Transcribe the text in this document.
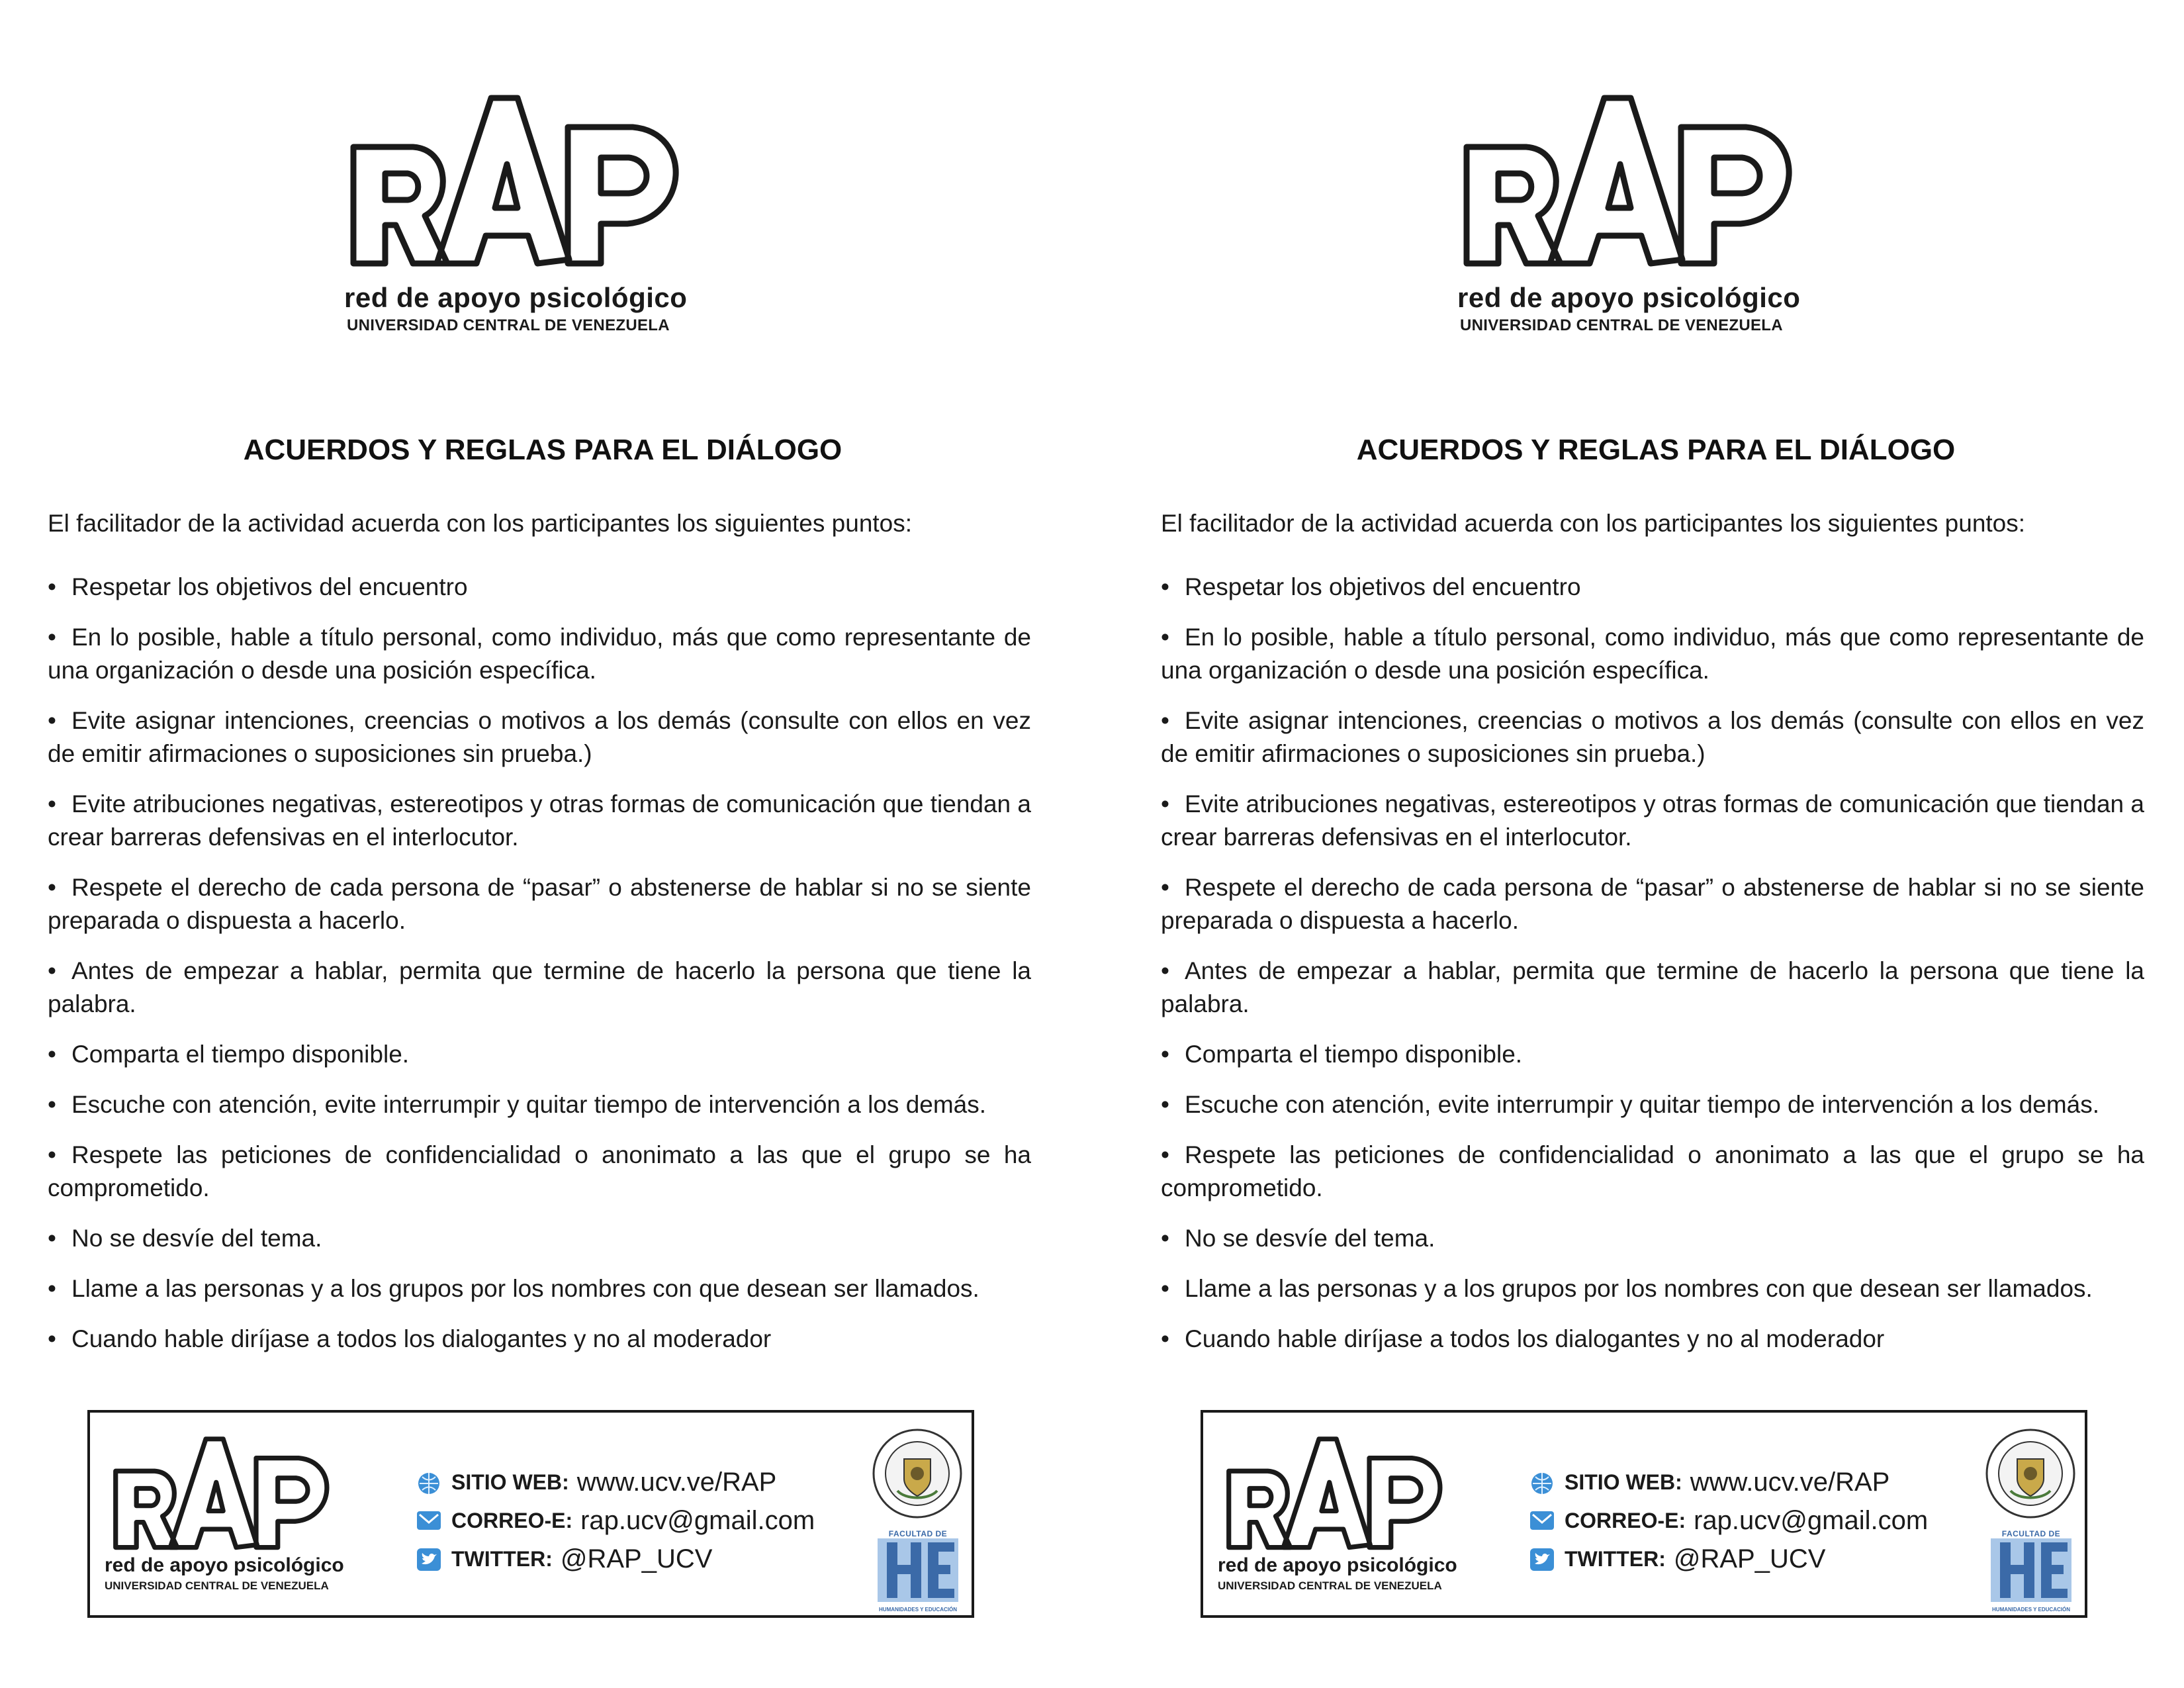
red de apoyo psicológico
UNIVERSIDAD CENTRAL DE VENEZUELA
ACUERDOS Y REGLAS PARA EL DIÁLOGO
El facilitador de la actividad acuerda con los participantes los siguientes puntos:
• Respetar los objetivos del encuentro
• En lo posible, hable a título personal, como individuo, más que como representante de una organización o desde una posición específica.
• Evite asignar intenciones, creencias o motivos a los demás (consulte con ellos en vez de emitir afirmaciones o suposiciones sin prueba.)
• Evite atribuciones negativas, estereotipos y otras formas de comunicación que tiendan a crear barreras defensivas en el interlocutor.
• Respete el derecho de cada persona de “pasar” o abstenerse de hablar si no se siente preparada o dispuesta a hacerlo.
• Antes de empezar a hablar, permita que termine de hacerlo la persona que tiene la palabra.
• Comparta el tiempo disponible.
• Escuche con atención, evite interrumpir y quitar tiempo de intervención a los demás.
• Respete las peticiones de confidencialidad o anonimato a las que el grupo se ha comprometido.
• No se desvíe del tema.
• Llame a las personas y a los grupos por los nombres con que desean ser llamados.
• Cuando hable diríjase a todos los dialogantes y no al moderador
red de apoyo psicológico
UNIVERSIDAD CENTRAL DE VENEZUELA
SITIO WEB: www.ucv.ve/RAP
CORREO-E: rap.ucv@gmail.com
TWITTER: @RAP_UCV
FACULTAD DE
HUMANIDADES Y EDUCACIÓN
red de apoyo psicológico
UNIVERSIDAD CENTRAL DE VENEZUELA
ACUERDOS Y REGLAS PARA EL DIÁLOGO
El facilitador de la actividad acuerda con los participantes los siguientes puntos:
• Respetar los objetivos del encuentro
• En lo posible, hable a título personal, como individuo, más que como representante de una organización o desde una posición específica.
• Evite asignar intenciones, creencias o motivos a los demás (consulte con ellos en vez de emitir afirmaciones o suposiciones sin prueba.)
• Evite atribuciones negativas, estereotipos y otras formas de comunicación que tiendan a crear barreras defensivas en el interlocutor.
• Respete el derecho de cada persona de “pasar” o abstenerse de hablar si no se siente preparada o dispuesta a hacerlo.
• Antes de empezar a hablar, permita que termine de hacerlo la persona que tiene la palabra.
• Comparta el tiempo disponible.
• Escuche con atención, evite interrumpir y quitar tiempo de intervención a los demás.
• Respete las peticiones de confidencialidad o anonimato a las que el grupo se ha comprometido.
• No se desvíe del tema.
• Llame a las personas y a los grupos por los nombres con que desean ser llamados.
• Cuando hable diríjase a todos los dialogantes y no al moderador
red de apoyo psicológico
UNIVERSIDAD CENTRAL DE VENEZUELA
SITIO WEB: www.ucv.ve/RAP
CORREO-E: rap.ucv@gmail.com
TWITTER: @RAP_UCV
FACULTAD DE
HUMANIDADES Y EDUCACIÓN
